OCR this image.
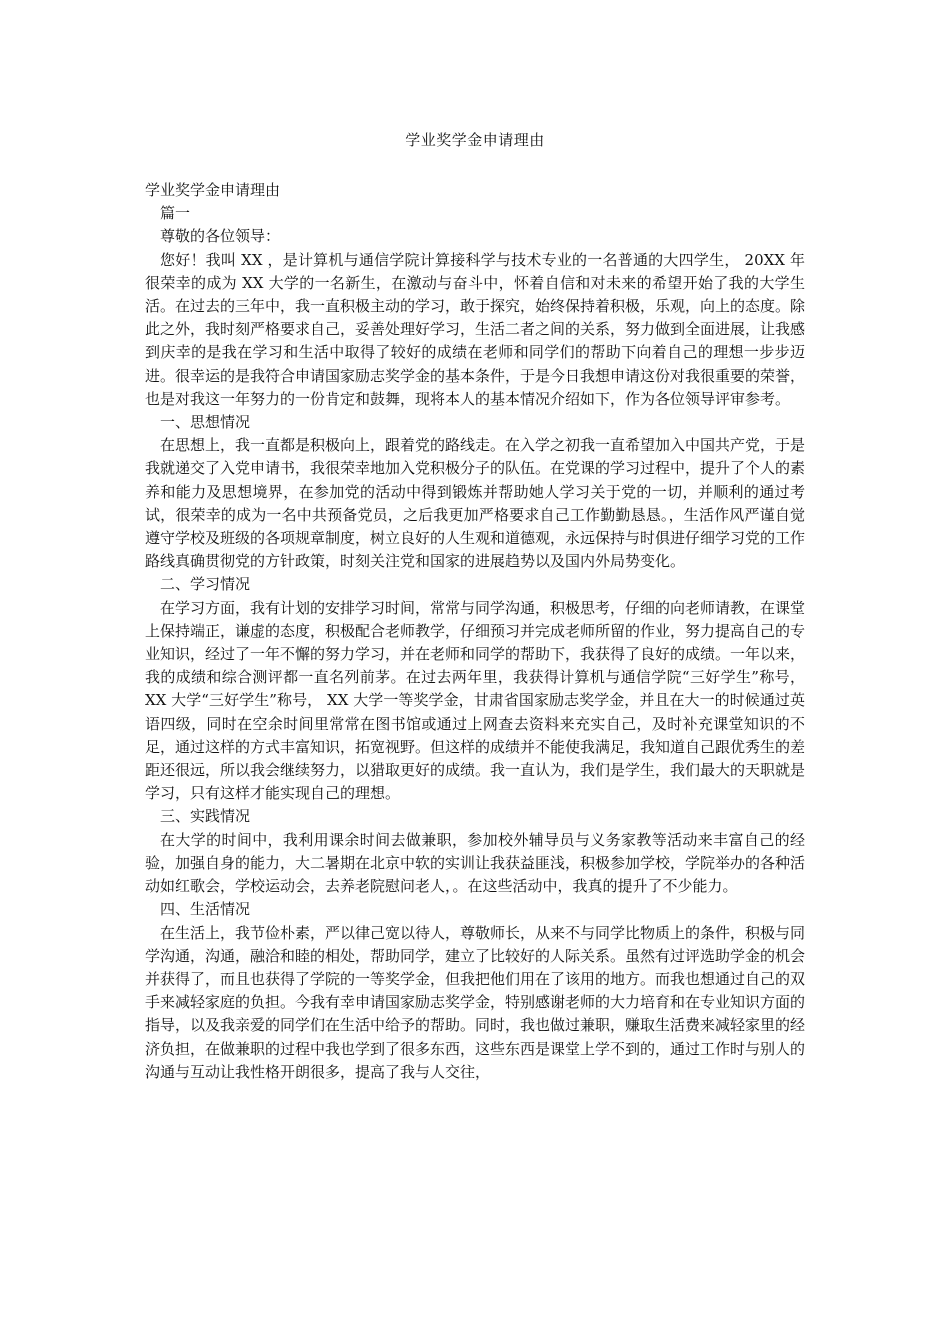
学业奖学金申请理由

学业奖学金申请理由

篇一

尊敬的各位领导：

您好！我叫 XX ，是计算机与通信学院计算接科学与技术专业的一名普通的大四学生， 20XX 年很荣幸的成为 XX 大学的一名新生，在激动与奋斗中，怀着自信和对未来的希望开始了我的大学生活。在过去的三年中，我一直积极主动的学习，敢于探究，始终保持着积极，乐观，向上的态度。除此之外，我时刻严格要求自己，妥善处理好学习，生活二者之间的关系，努力做到全面进展，让我感到庆幸的是我在学习和生活中取得了较好的成绩在老师和同学们的帮助下向着自己的理想一步步迈进。很幸运的是我符合申请国家励志奖学金的基本条件，于是今日我想申请这份对我很重要的荣誉，也是对我这一年努力的一份肯定和鼓舞，现将本人的基本情况介绍如下，作为各位领导评审参考。

一、思想情况

在思想上，我一直都是积极向上，跟着党的路线走。在入学之初我一直希望加入中国共产党，于是我就递交了入党申请书，我很荣幸地加入党积极分子的队伍。在党课的学习过程中，提升了个人的素养和能力及思想境界，在参加党的活动中得到锻炼并帮助她人学习关于党的一切，并顺利的通过考试，很荣幸的成为一名中共预备党员，之后我更加严格要求自己工作勤勤恳恳。，生活作风严谨自觉遵守学校及班级的各项规章制度，树立良好的人生观和道德观，永远保持与时俱进仔细学习党的工作路线真确贯彻党的方针政策，时刻关注党和国家的进展趋势以及国内外局势变化。

二、学习情况

在学习方面，我有计划的安排学习时间，常常与同学沟通，积极思考，仔细的向老师请教，在课堂上保持端正，谦虚的态度，积极配合老师教学，仔细预习并完成老师所留的作业，努力提高自己的专业知识，经过了一年不懈的努力学习，并在老师和同学的帮助下，我获得了良好的成绩。一年以来，我的成绩和综合测评都一直名列前茅。在过去两年里，我获得计算机与通信学院“三好学生”称号， XX 大学“三好学生”称号， XX 大学一等奖学金，甘肃省国家励志奖学金，并且在大一的时候通过英语四级，同时在空余时间里常常在图书馆或通过上网查去资料来充实自己，及时补充课堂知识的不足，通过这样的方式丰富知识，拓宽视野。但这样的成绩并不能使我满足，我知道自己跟优秀生的差距还很远，所以我会继续努力，以猎取更好的成绩。我一直认为，我们是学生，我们最大的天职就是学习，只有这样才能实现自己的理想。

三、实践情况

在大学的时间中，我利用课余时间去做兼职，参加校外辅导员与义务家教等活动来丰富自己的经验，加强自身的能力，大二暑期在北京中软的实训让我获益匪浅，积极参加学校，学院举办的各种活动如红歌会，学校运动会，去养老院慰问老人，。在这些活动中，我真的提升了不少能力。

四、生活情况

在生活上，我节俭朴素，严以律己宽以待人，尊敬师长，从来不与同学比物质上的条件，积极与同学沟通，沟通，融洽和睦的相处，帮助同学，建立了比较好的人际关系。虽然有过评选助学金的机会并获得了，而且也获得了学院的一等奖学金，但我把他们用在了该用的地方。而我也想通过自己的双手来减轻家庭的负担。今我有幸申请国家励志奖学金，特别感谢老师的大力培育和在专业知识方面的指导，以及我亲爱的同学们在生活中给予的帮助。同时，我也做过兼职，赚取生活费来减轻家里的经济负担，在做兼职的过程中我也学到了很多东西，这些东西是课堂上学不到的，通过工作时与别人的沟通与互动让我性格开朗很多，提高了我与人交往，
